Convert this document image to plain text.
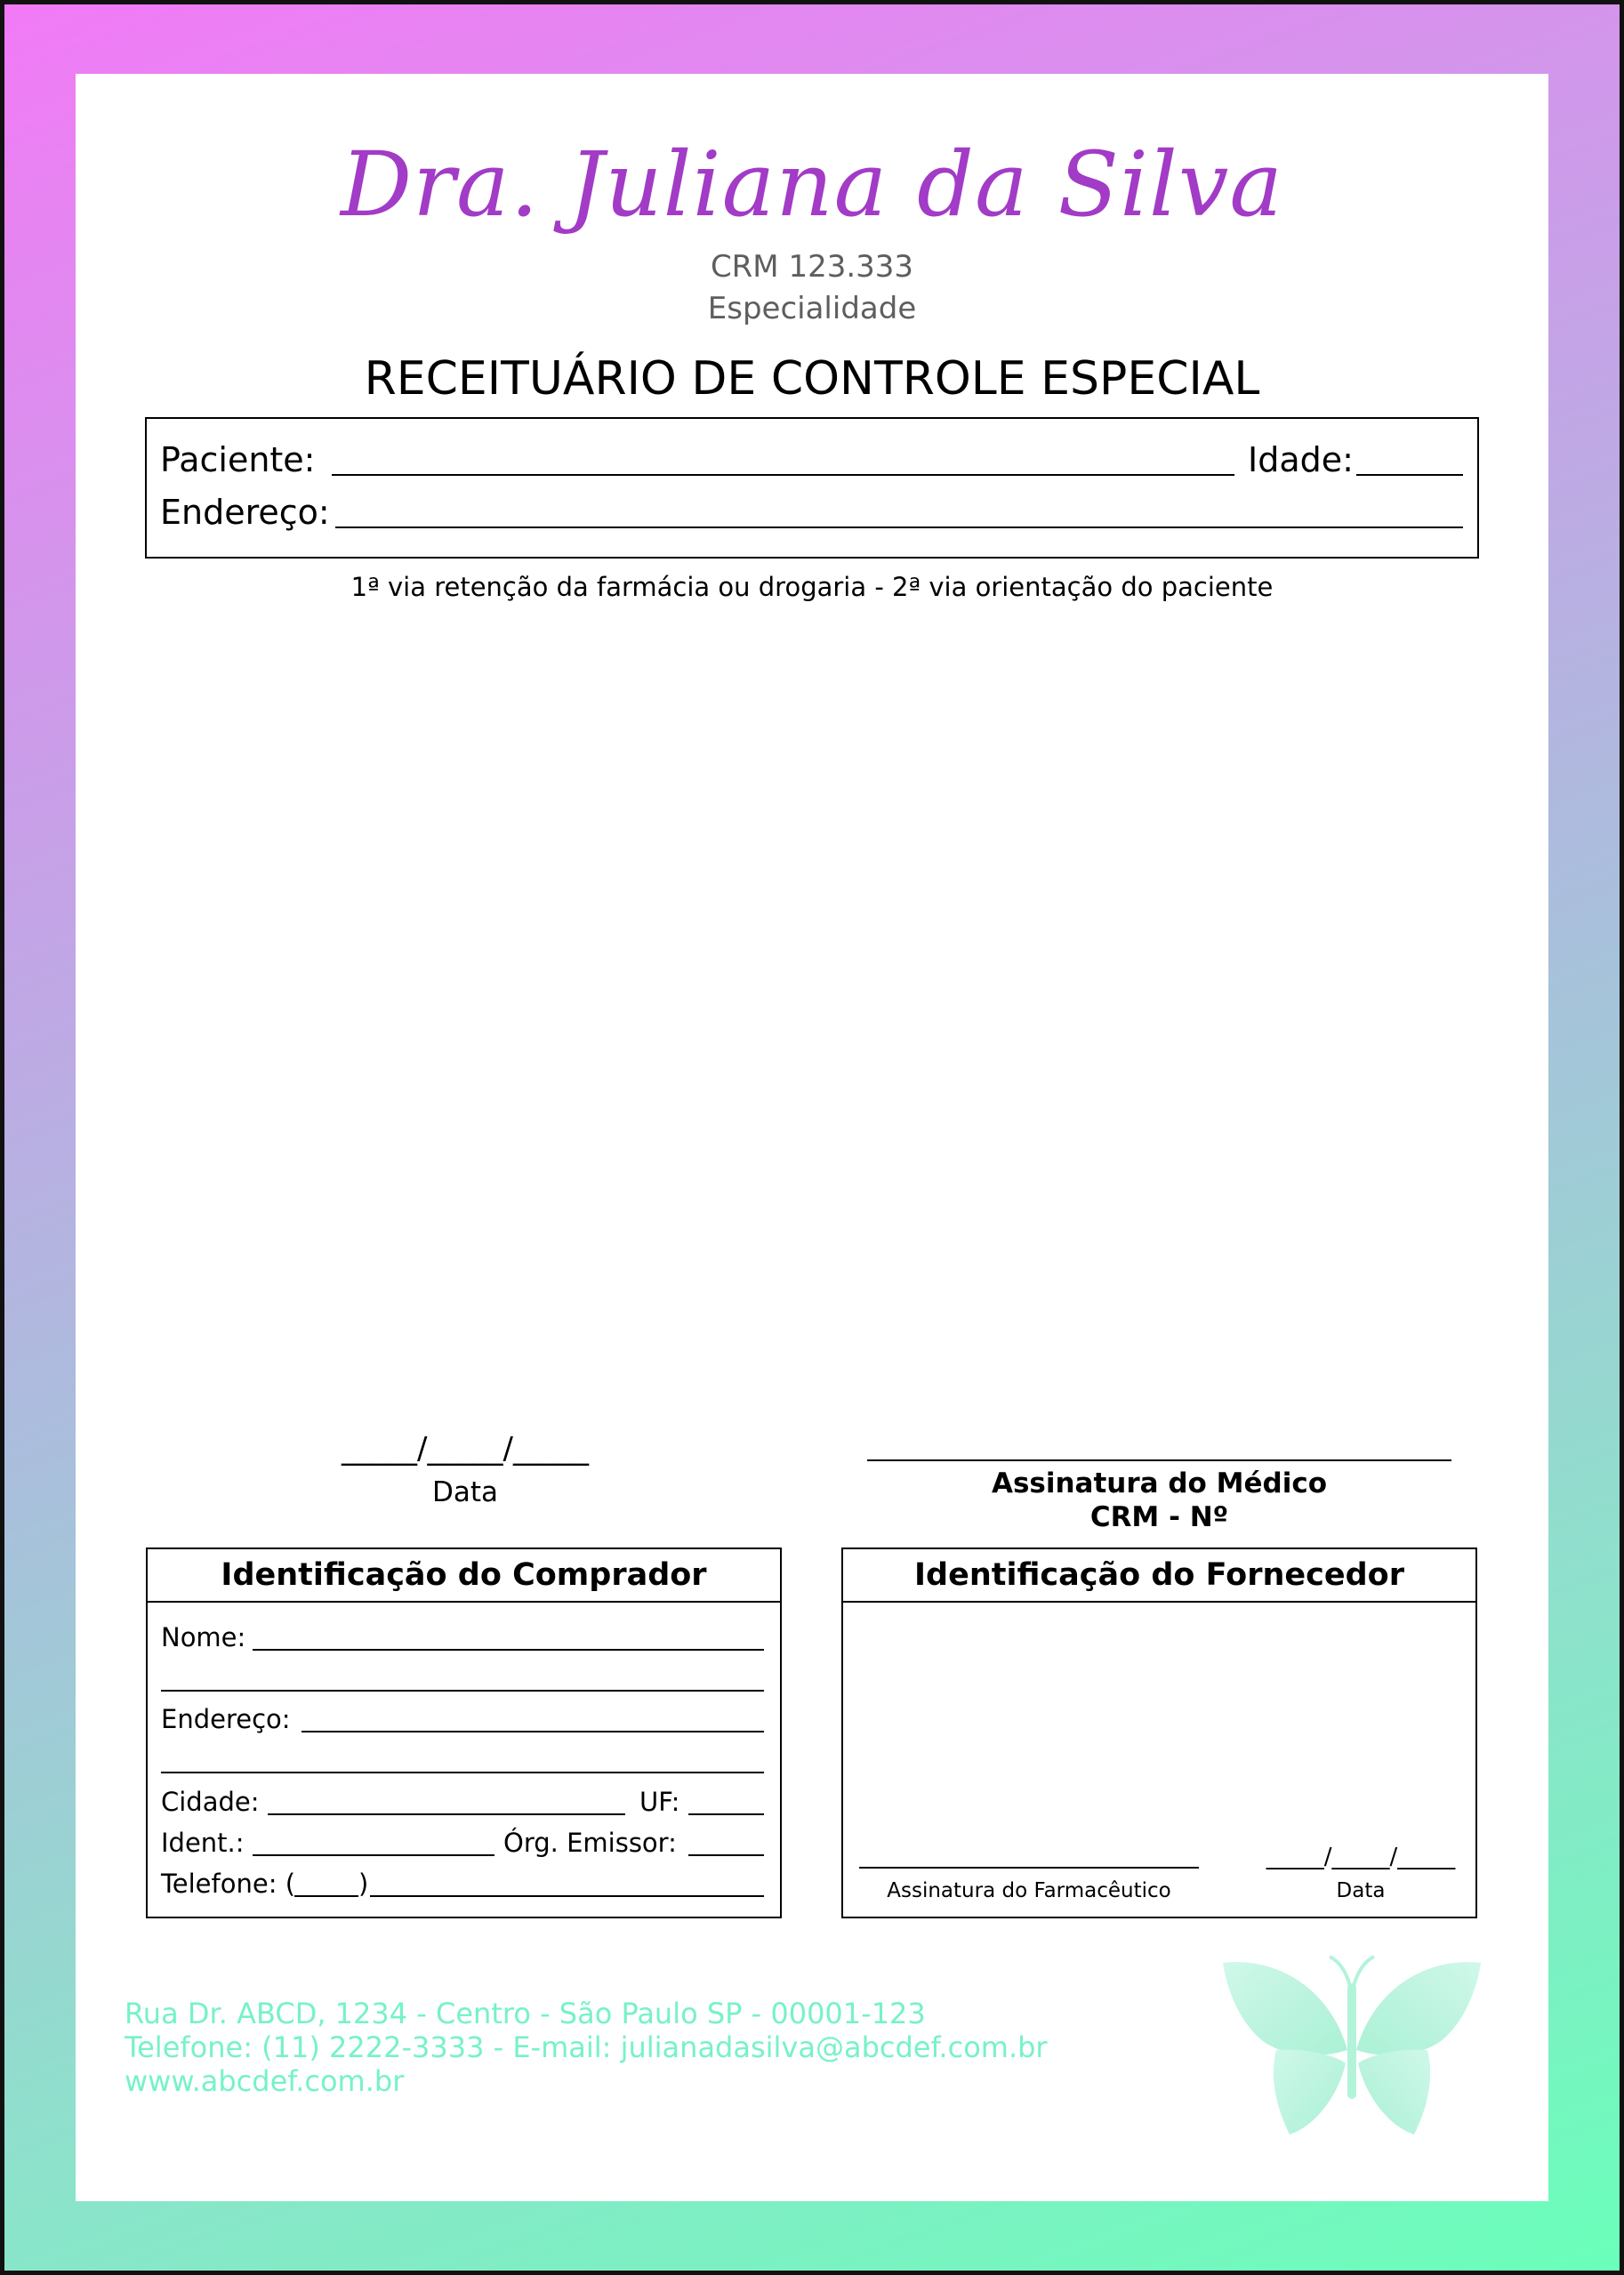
Dra. Juliana da Silva
CRM 123.333
Especialidade
RECEITUÁRIO DE CONTROLE ESPECIAL
Paciente:	Idade:
Endereço:
1ª via retenção da farmácia ou drogaria - 2ª via orientação do paciente
_____/_____/_____
Data	Assinatura do Médico
CRM - Nº
Identificação do Comprador
Nome:
Endereço:
Cidade:	UF:
Ident.:	Órg. Emissor:
Telefone: ( )
Identificação do Fornecedor
Assinatura do Farmacêutico
_____/_____/_____
Data
Rua Dr. ABCD, 1234 - Centro - São Paulo SP - 00001-123
Telefone: (11) 2222-3333 - E-mail: julianadasilva@abcdef.com.br
www.abcdef.com.br
